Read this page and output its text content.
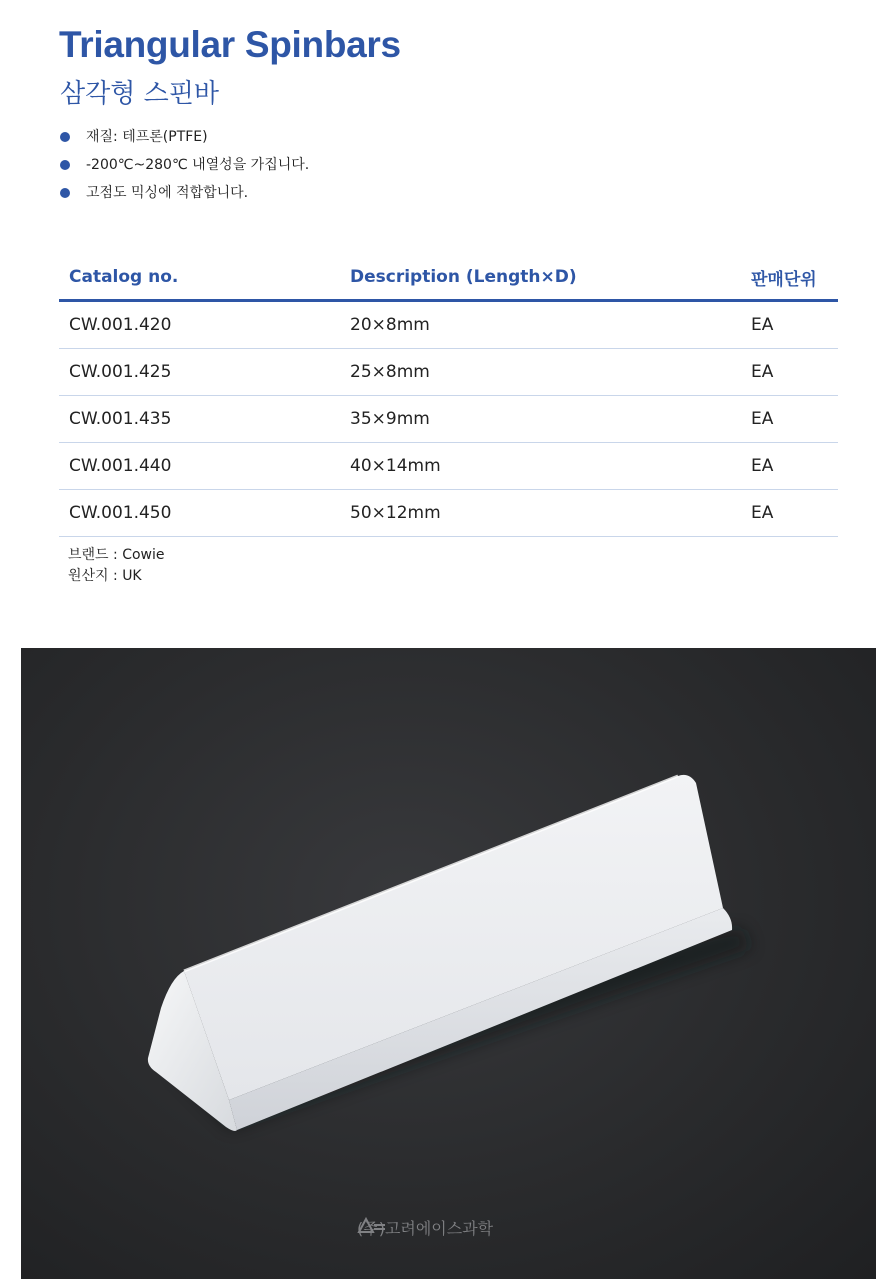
Triangular Spinbars
삼각형 스핀바
재질: 테프론(PTFE)
-200℃~280℃ 내열성을 가집니다.
고점도 믹싱에 적합합니다.
Catalog no.	Description (Length×D)	판매단위
CW.001.420	20×8mm	EA
CW.001.425	25×8mm	EA
CW.001.435	35×9mm	EA
CW.001.440	40×14mm	EA
CW.001.450	50×12mm	EA
브랜드 : Cowie
원산지 : UK
(주)고려에이스과학
